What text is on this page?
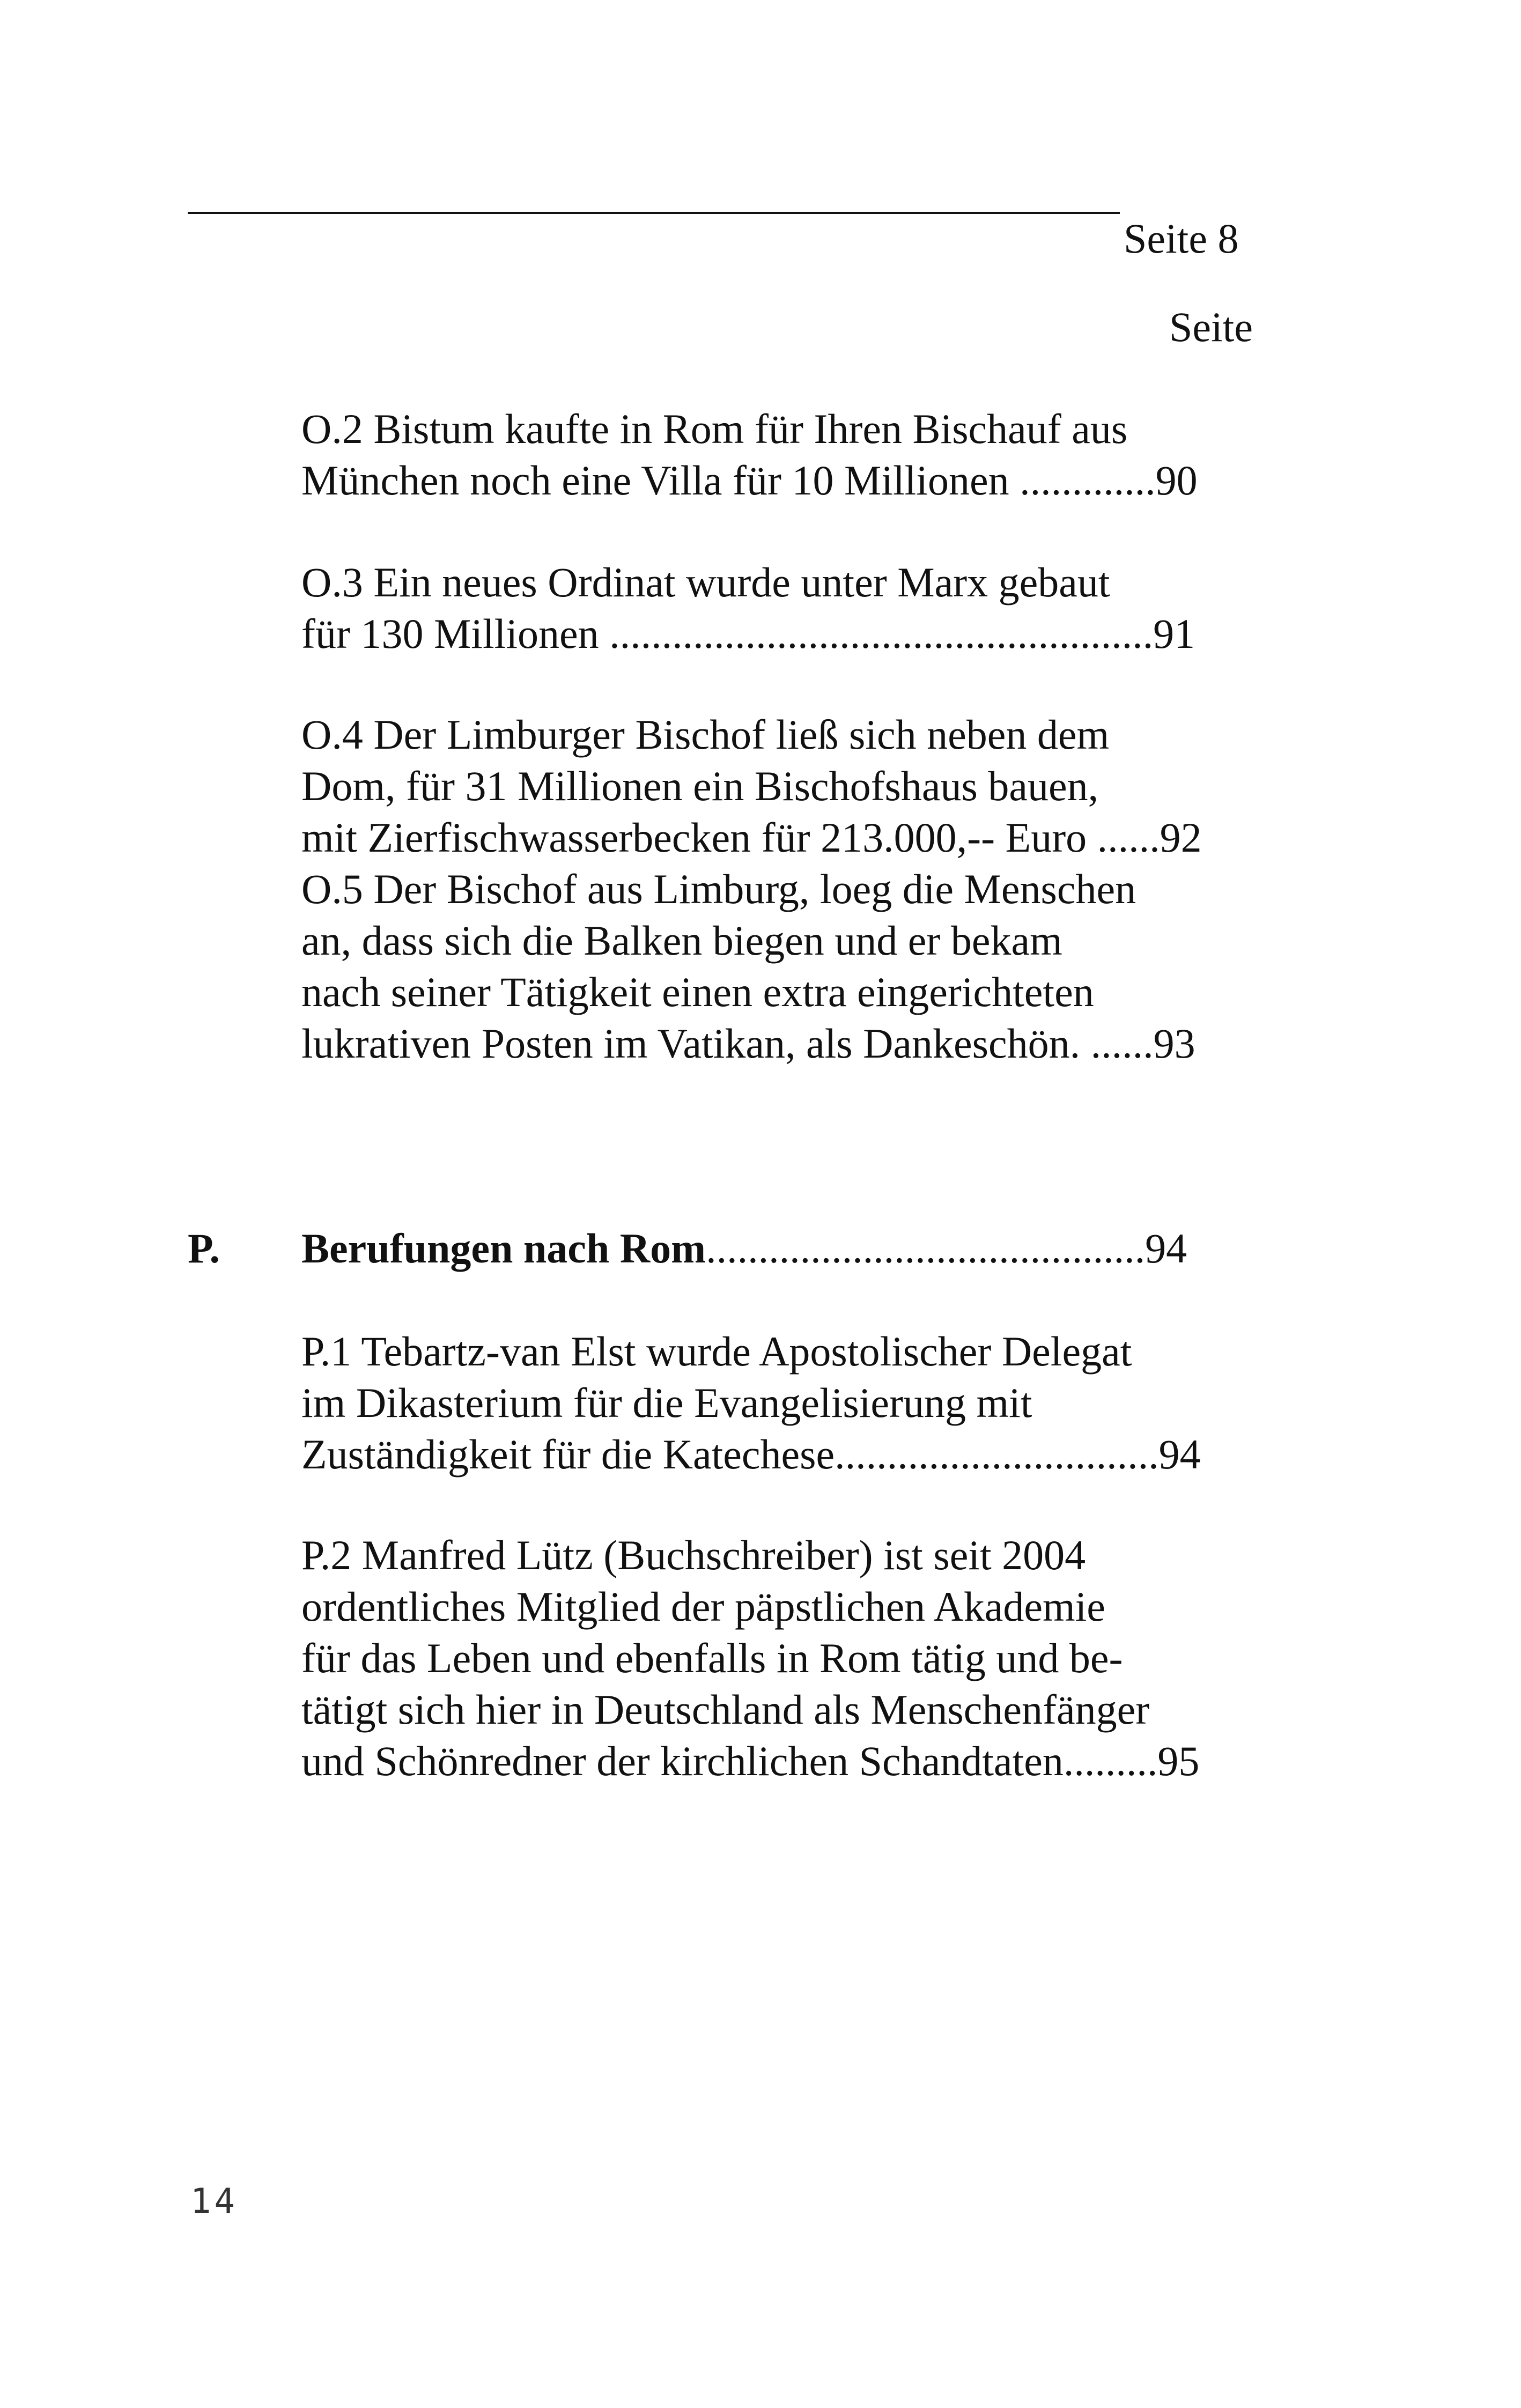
Seite 8
Seite
O.2 Bistum kaufte in Rom für Ihren Bischauf aus
München noch eine Villa für 10 Millionen .............90
O.3 Ein neues Ordinat wurde unter Marx gebaut
für 130 Millionen ....................................................91
O.4 Der Limburger Bischof ließ sich neben dem
Dom, für 31 Millionen ein Bischofshaus bauen,
mit Zierfischwasserbecken für 213.000,-- Euro ......92
O.5 Der Bischof aus Limburg, loeg die Menschen
an, dass sich die Balken biegen und er bekam
nach seiner Tätigkeit einen extra eingerichteten
lukrativen Posten im Vatikan, als Dankeschön. ......93
P. Berufungen nach Rom..........................................94
P.1 Tebartz-van Elst wurde Apostolischer Delegat
im Dikasterium für die Evangelisierung mit
Zuständigkeit für die Katechese...............................94
P.2 Manfred Lütz (Buchschreiber) ist seit 2004
ordentliches Mitglied der päpstlichen Akademie
für das Leben und ebenfalls in Rom tätig und be-
tätigt sich hier in Deutschland als Menschenfänger
und Schönredner der kirchlichen Schandtaten.........95
14
